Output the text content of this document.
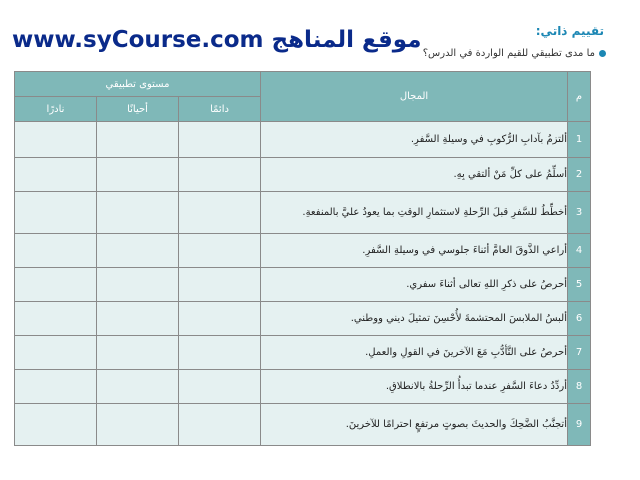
www.syCourse.com موقع المناهج	تقييم ذاتي:
ما مدى تطبيقي للقيم الواردة في الدرس؟
م	المجال	مستوى تطبيقي		
		دائمًا	أحيانًا	نادرًا
1	ألتزمُ بآدابِ الرُّكوبِ في وسيلةِ السَّفرِ.			
2	أسلِّمُ على كلِّ مَنْ ألتقي بِهِ.			
3	أخطِّطُ للسَّفرِ قبلَ الرِّحلةِ لاستثمارِ الوقتِ بما يعودُ عليَّ بالمنفعةِ.			
4	أراعي الذَّوقَ العامَّ أثناءَ جلوسي في وسيلةِ السَّفرِ.			
5	أحرصُ على ذكرِ اللهِ تعالى أثناءَ سفري.			
6	ألبسُ الملابسَ المحتشمةَ لأُحْسِنَ تمثيلَ ديني ووطني.			
7	أحرصُ على التَّأدُّبِ مَعَ الآخرينَ في القولِ والعملِ.			
8	أردِّدُ دعاءَ السَّفرِ عندما تبدأُ الرِّحلةُ بالانطلاقِ.			
9	أتجنَّبُ الضَّحِكَ والحديثَ بصوتٍ مرتفعٍ احترامًا للآخرينَ.			
